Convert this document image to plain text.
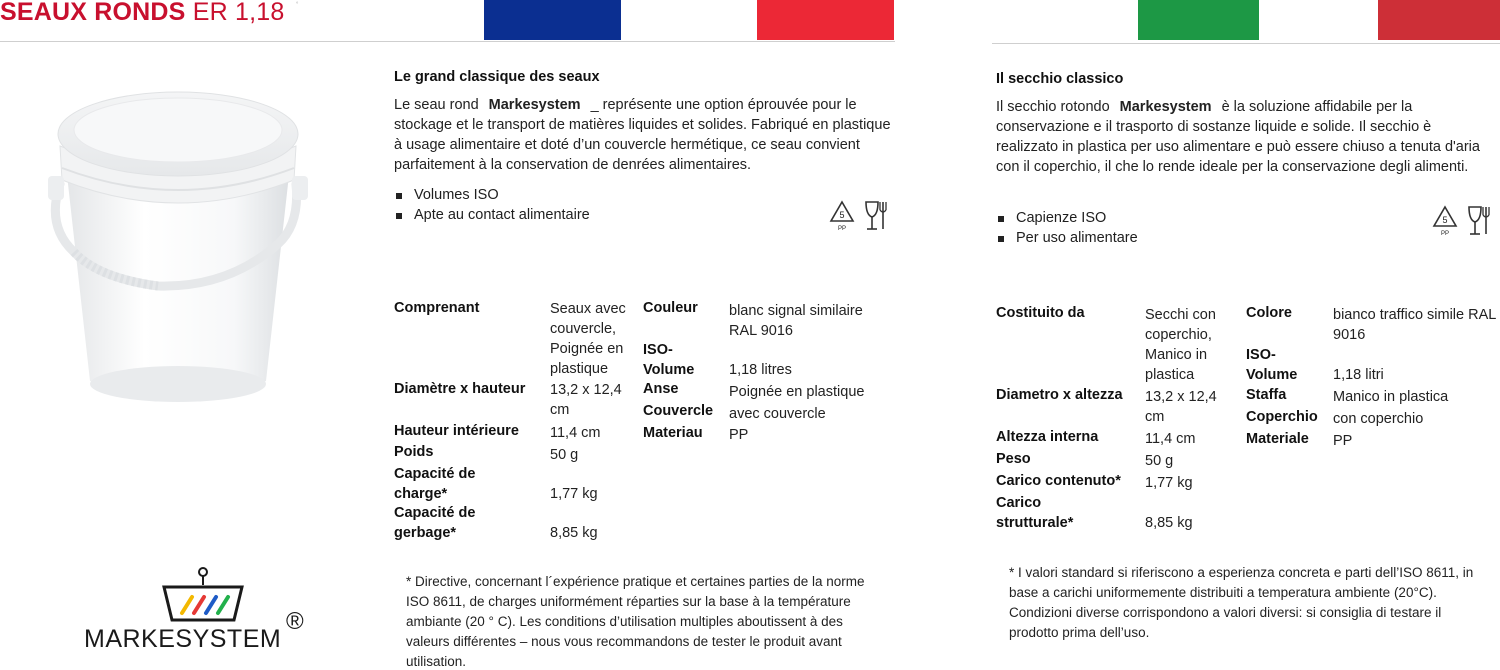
SEAUX RONDS ER 1,18 °
MARKESYSTEM
®
Le grand classique des seaux
Le seau rond Markesystem _ représente une option éprouvée pour le stockage et le transport de matières liquides et solides. Fabriqué en plastique à usage alimentaire et doté d’un couvercle hermétique, ce seau convient parfaitement à la conservation de denrées alimentaires.
Volumes ISO
Apte au contact alimentaire	5
PP
Comprenant	Seaux avec couvercle, Poignée en plastique
Diamètre x hauteur	13,2 x 12,4 cm
Hauteur intérieure	11,4 cm
Poids	50 g
Capacité de charge*	1,77 kg
Capacité de gerbage*	8,85 kg
Couleur	blanc signal similaire RAL 9016
ISO-Volume	1,18 litres
Anse	Poignée en plastique
Couvercle	avec couvercle
Materiau	PP
* Directive, concernant l´expérience pratique et certaines parties de la norme ISO 8611, de charges uniformément réparties sur la base à la température ambiante (20 ° C). Les conditions d’utilisation multiples aboutissent à des valeurs différentes – nous vous recommandons de tester le produit avant utilisation.
Il secchio classico
Il secchio rotondo Markesystem è la soluzione affidabile per la conservazione e il trasporto di sostanze liquide e solide. Il secchio è realizzato in plastica per uso alimentare e può essere chiuso a tenuta d'aria con il coperchio, il che lo rende ideale per la conservazione degli alimenti.
Capienze ISO
Per uso alimentare
5
PP
Costituito da	Secchi con coperchio, Manico in plastica
Diametro x altezza	13,2 x 12,4 cm
Altezza interna	11,4 cm
Peso	50 g
Carico contenuto*	1,77 kg
Carico strutturale*	8,85 kg
Colore	bianco traffico simile RAL 9016
ISO-Volume	1,18 litri
Staffa	Manico in plastica
Coperchio	con coperchio
Materiale	PP
* I valori standard si riferiscono a esperienza concreta e parti dell’ISO 8611, in base a carichi uniformemente distribuiti a temperatura ambiente (20°C). Condizioni diverse corrispondono a valori diversi: si consiglia di testare il prodotto prima dell’uso.
